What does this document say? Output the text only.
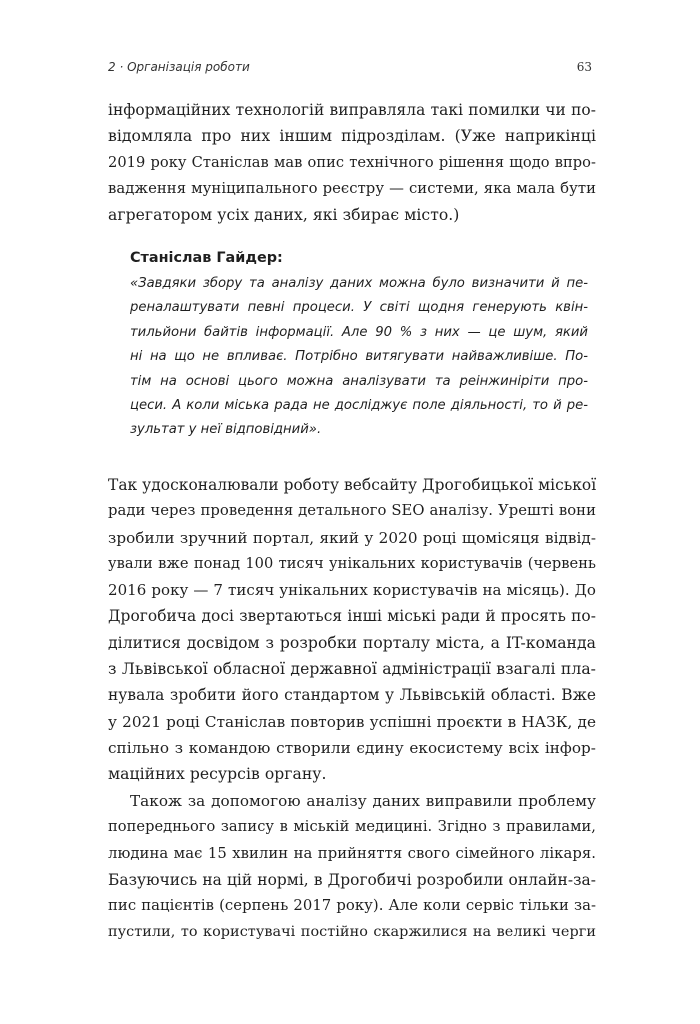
2 · Організація роботи	63
інформаційних технологій виправляла такі помилки чи по-
відомляла про них іншим підрозділам. (Уже наприкінці
2019 року Станіслав мав опис технічного рішення щодо впро-
вадження муніципального реєстру — системи, яка мала бути
агрегатором усіх даних, які збирає місто.)
Станіслав Гайдер:
«Завдяки збору та аналізу даних можна було визначити й пе-
реналаштувати певні процеси. У світі щодня генерують квін-
тильйони байтів інформації. Але 90 % з них — це шум, який
ні на що не впливає. Потрібно витягувати найважливіше. По-
тім на основі цього можна аналізувати та реінжиніріти про-
цеси. А коли міська рада не досліджує поле діяльності, то й ре-
зультат у неї відповідний».
Так удосконалювали роботу вебсайту Дрогобицької міської
ради через проведення детального SEO аналізу. Урешті вони
зробили зручний портал, який у 2020 році щомісяця відвід-
ували вже понад 100 тисяч унікальних користувачів (червень
2016 року — 7 тисяч унікальних користувачів на місяць). До
Дрогобича досі звертаються інші міські ради й просять по-
ділитися досвідом з розробки порталу міста, а IT-команда
з Львівської обласної державної адміністрації взагалі пла-
нувала зробити його стандартом у Львівській області. Вже
у 2021 році Станіслав повторив успішні проєкти в НАЗК, де
спільно з командою створили єдину екосистему всіх інфор-
маційних ресурсів органу.
Також за допомогою аналізу даних виправили проблему
попереднього запису в міській медицині. Згідно з правилами,
людина має 15 хвилин на прийняття свого сімейного лікаря.
Базуючись на цій нормі, в Дрогобичі розробили онлайн-за-
пис пацієнтів (серпень 2017 року). Але коли сервіс тільки за-
пустили, то користувачі постійно скаржилися на великі черги
